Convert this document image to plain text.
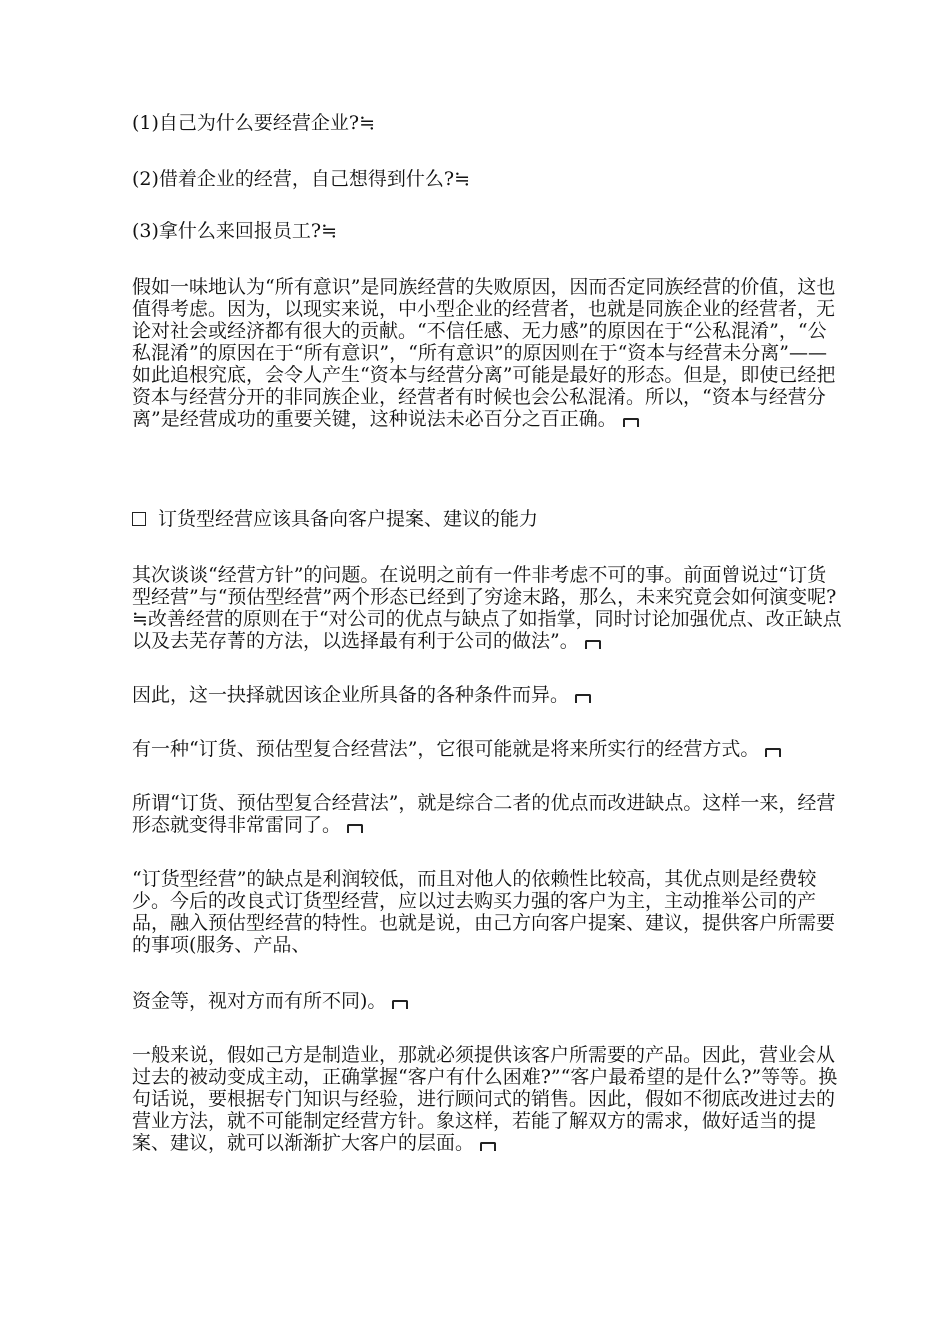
(1)自己为什么要经营企业?≒

(2)借着企业的经营，自己想得到什么?≒

(3)拿什么来回报员工?≒

假如一味地认为“所有意识”是同族经营的失败原因，因而否定同族经营的价值，这也值得考虑。因为，以现实来说，中小型企业的经营者，也就是同族企业的经营者，无论对社会或经济都有很大的贡献。“不信任感、无力感”的原因在于“公私混淆”，“公私混淆”的原因在于“所有意识”，“所有意识”的原因则在于“资本与经营未分离”——如此追根究底，会令人产生“资本与经营分离”可能是最好的形态。但是，即使已经把资本与经营分开的非同族企业，经营者有时候也会公私混淆。所以，“资本与经营分离”是经营成功的重要关键，这种说法未必百分之百正确。

订货型经营应该具备向客户提案、建议的能力

其次谈谈“经营方针”的问题。在说明之前有一件非考虑不可的事。前面曾说过“订货型经营”与“预估型经营”两个形态已经到了穷途末路，那么，未来究竟会如何演变呢?≒改善经营的原则在于“对公司的优点与缺点了如指掌，同时讨论加强优点、改正缺点以及去芜存菁的方法，以选择最有利于公司的做法”。

因此，这一抉择就因该企业所具备的各种条件而异。

有一种“订货、预估型复合经营法”，它很可能就是将来所实行的经营方式。

所谓“订货、预估型复合经营法”，就是综合二者的优点而改进缺点。这样一来，经营形态就变得非常雷同了。

“订货型经营”的缺点是利润较低，而且对他人的依赖性比较高，其优点则是经费较少。今后的改良式订货型经营，应以过去购买力强的客户为主，主动推举公司的产品，融入预估型经营的特性。也就是说，由己方向客户提案、建议，提供客户所需要的事项(服务、产品、

资金等，视对方而有所不同)。

一般来说，假如己方是制造业，那就必须提供该客户所需要的产品。因此，营业会从过去的被动变成主动，正确掌握“客户有什么困难?”“客户最希望的是什么?”等等。换句话说，要根据专门知识与经验，进行顾问式的销售。因此，假如不彻底改进过去的营业方法，就不可能制定经营方针。象这样，若能了解双方的需求，做好适当的提案、建议，就可以渐渐扩大客户的层面。
